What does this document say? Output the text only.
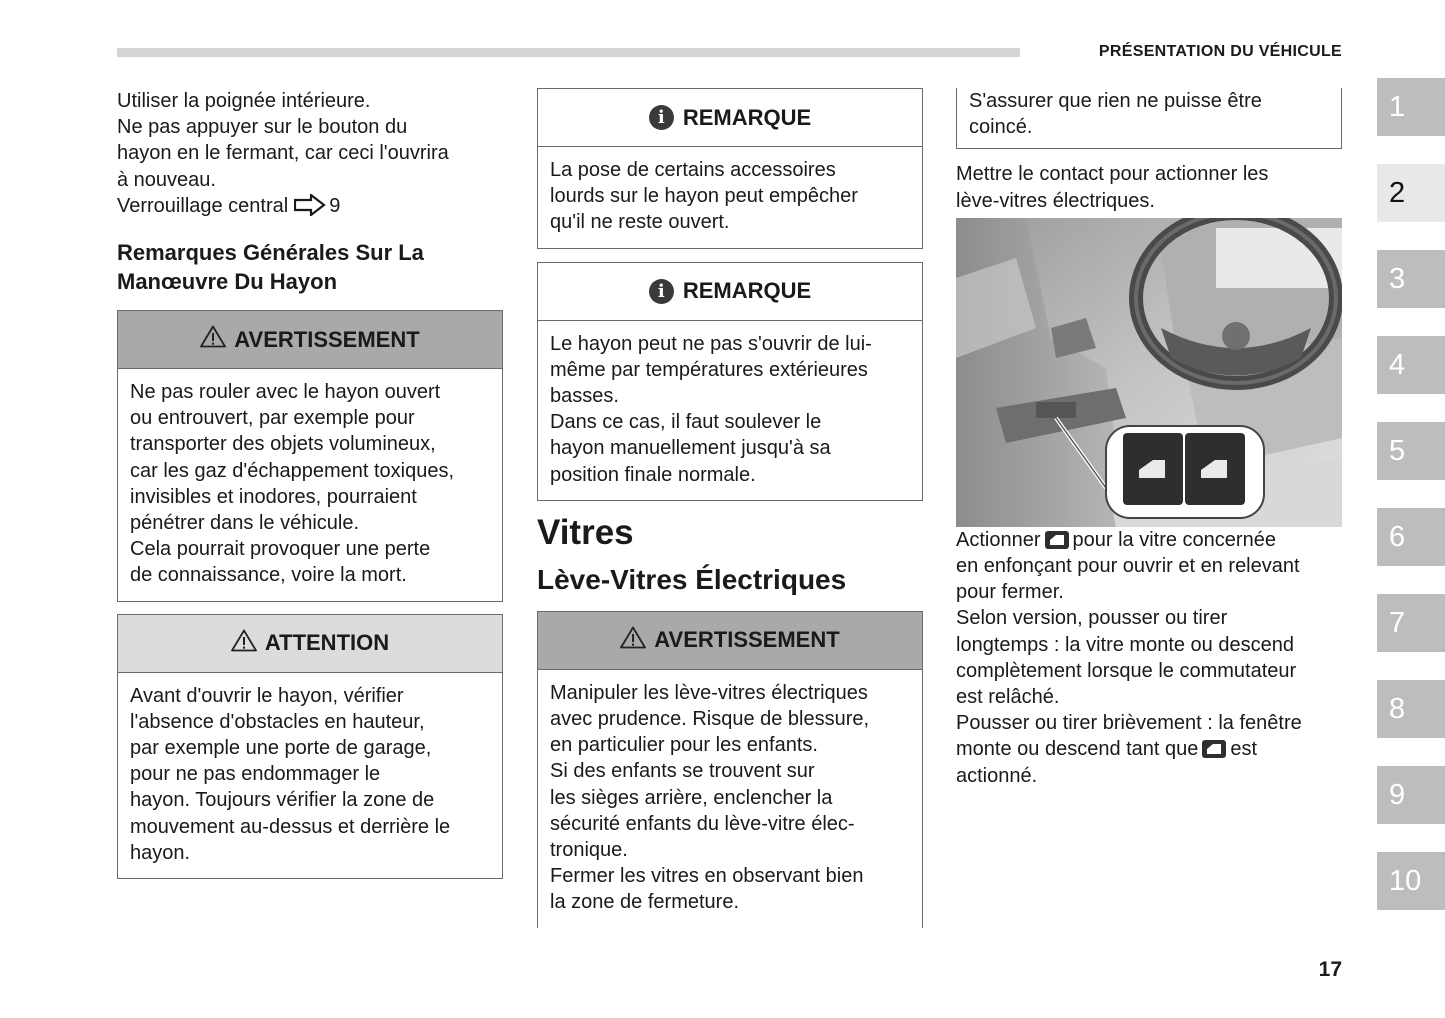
PRÉSENTATION DU VÉHICULE

Utiliser la poignée intérieure.

Ne pas appuyer sur le bouton du

hayon en le fermant, car ceci l'ouvrira

à nouveau.

Verrouillage central 9

Remarques Générales Sur La

Manœuvre Du Hayon

AVERTISSEMENT

Ne pas rouler avec le hayon ouvert

ou entrouvert, par exemple pour

transporter des objets volumineux,

car les gaz d'échappement toxiques,

invisibles et inodores, pourraient

pénétrer dans le véhicule.

Cela pourrait provoquer une perte

de connaissance, voire la mort.

ATTENTION

Avant d'ouvrir le hayon, vérifier

l'absence d'obstacles en hauteur,

par exemple une porte de garage,

pour ne pas endommager le

hayon. Toujours vérifier la zone de

mouvement au-dessus et derrière le

hayon.

i REMARQUE

La pose de certains accessoires

lourds sur le hayon peut empêcher

qu'il ne reste ouvert.

i REMARQUE

Le hayon peut ne pas s'ouvrir de lui-

même par températures extérieures

basses.

Dans ce cas, il faut soulever le

hayon manuellement jusqu'à sa

position finale normale.

Vitres

Lève-Vitres Électriques

AVERTISSEMENT

Manipuler les lève-vitres électriques

avec prudence. Risque de blessure,

en particulier pour les enfants.

Si des enfants se trouvent sur

les sièges arrière, enclencher la

sécurité enfants du lève-vitre élec-

tronique.

Fermer les vitres en observant bien

la zone de fermeture.

S'assurer que rien ne puisse être

coincé.

Mettre le contact pour actionner les

lève-vitres électriques.

Actionner pour la vitre concernée

en enfonçant pour ouvrir et en relevant

pour fermer.

Selon version, pousser ou tirer

longtemps : la vitre monte ou descend

complètement lorsque le commutateur

est relâché.

Pousser ou tirer brièvement : la fenêtre

monte ou descend tant que est

actionné.

1
2
3
4
5
6
7
8
9
10
17
